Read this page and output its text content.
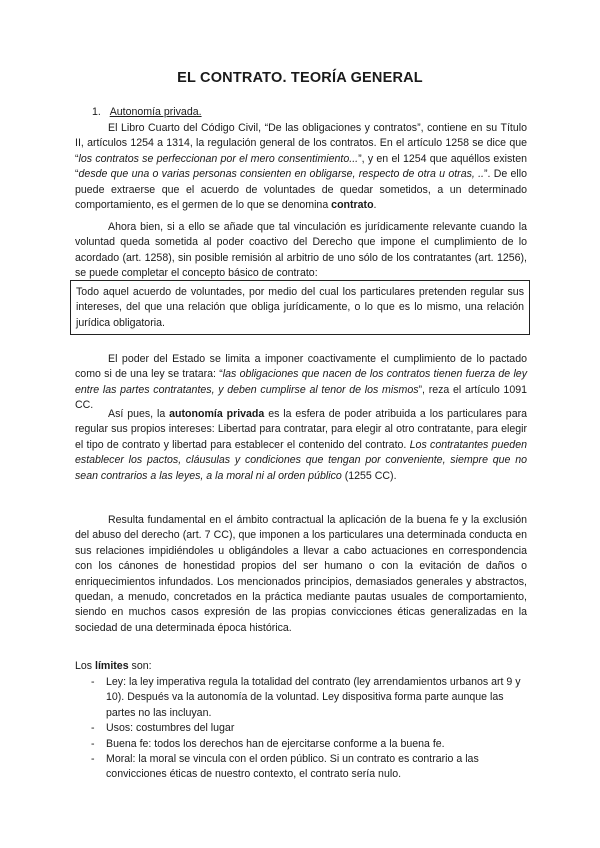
EL CONTRATO. TEORÍA GENERAL
1. Autonomía privada.

El Libro Cuarto del Código Civil, “De las obligaciones y contratos”, contiene en su Título II, artículos 1254 a 1314, la regulación general de los contratos. En el artículo 1258 se dice que “los contratos se perfeccionan por el mero consentimiento...”, y en el 1254 que aquéllos existen “desde que una o varias personas consienten en obligarse, respecto de otra u otras, ..”. De ello puede extraerse que el acuerdo de voluntades de quedar sometidos, a un determinado comportamiento, es el germen de lo que se denomina contrato.

Ahora bien, si a ello se añade que tal vinculación es jurídicamente relevante cuando la voluntad queda sometida al poder coactivo del Derecho que impone el cumplimiento de lo acordado (art. 1258), sin posible remisión al arbitrio de uno sólo de los contratantes (art. 1256), se puede completar el concepto básico de contrato:

Todo aquel acuerdo de voluntades, por medio del cual los particulares pretenden regular sus intereses, del que una relación que obliga jurídicamente, o lo que es lo mismo, una relación jurídica obligatoria.

El poder del Estado se limita a imponer coactivamente el cumplimiento de lo pactado como si de una ley se tratara: “las obligaciones que nacen de los contratos tienen fuerza de ley entre las partes contratantes, y deben cumplirse al tenor de los mismos”, reza el artículo 1091 CC.

Así pues, la autonomía privada es la esfera de poder atribuida a los particulares para regular sus propios intereses: Libertad para contratar, para elegir al otro contratante, para elegir el tipo de contrato y libertad para establecer el contenido del contrato. Los contratantes pueden establecer los pactos, cláusulas y condiciones que tengan por conveniente, siempre que no sean contrarios a las leyes, a la moral ni al orden público (1255 CC).

Resulta fundamental en el ámbito contractual la aplicación de la buena fe y la exclusión del abuso del derecho (art. 7 CC), que imponen a los particulares una determinada conducta en sus relaciones impidiéndoles u obligándoles a llevar a cabo actuaciones en correspondencia con los cánones de honestidad propios del ser humano o con la evitación de daños o enriquecimientos infundados. Los mencionados principios, demasiados generales y abstractos, quedan, a menudo, concretados en la práctica mediante pautas usuales de comportamiento, siendo en muchos casos expresión de las propias convicciones éticas generalizadas en la sociedad de una determinada época histórica.

Los límites son:
- Ley: la ley imperativa regula la totalidad del contrato (ley arrendamientos urbanos art 9 y 10). Después va la autonomía de la voluntad. Ley dispositiva forma parte aunque las partes no las incluyan.
- Usos: costumbres del lugar
- Buena fe: todos los derechos han de ejercitarse conforme a la buena fe.
- Moral: la moral se vincula con el orden público. Si un contrato es contrario a las convicciones éticas de nuestro contexto, el contrato sería nulo.
